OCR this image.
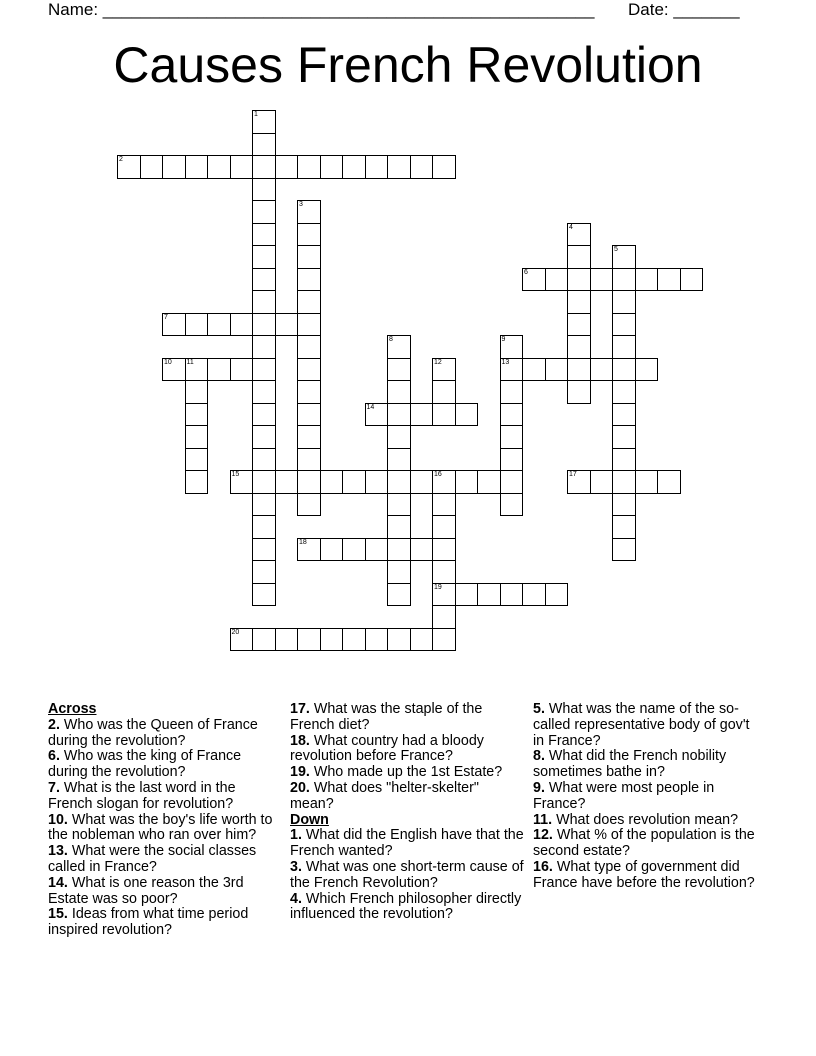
Name: ____________________________________________________ Date: _______
Causes French Revolution
1
2
3
4
5
6
7
8	9
13
10 11	12
14
15	16
19
17
18
20
Across
2. Who was the Queen of France during the revolution?
6. Who was the king of France during the revolution?
7. What is the last word in the French slogan for revolution?
10. What was the boy's life worth to the nobleman who ran over him?
13. What were the social classes called in France?
14. What is one reason the 3rd Estate was so poor?
15. Ideas from what time period inspired revolution?
17. What was the staple of the French diet?
18. What country had a bloody revolution before France?
19. Who made up the 1st Estate?
20. What does "helter-skelter" mean?
Down
1. What did the English have that the French wanted?
3. What was one short-term cause of the French Revolution?
4. Which French philosopher directly influenced the revolution?
5. What was the name of the so-called representative body of gov't in France?
8. What did the French nobility sometimes bathe in?
9. What were most people in France?
11. What does revolution mean?
12. What % of the population is the second estate?
16. What type of government did France have before the revolution?
